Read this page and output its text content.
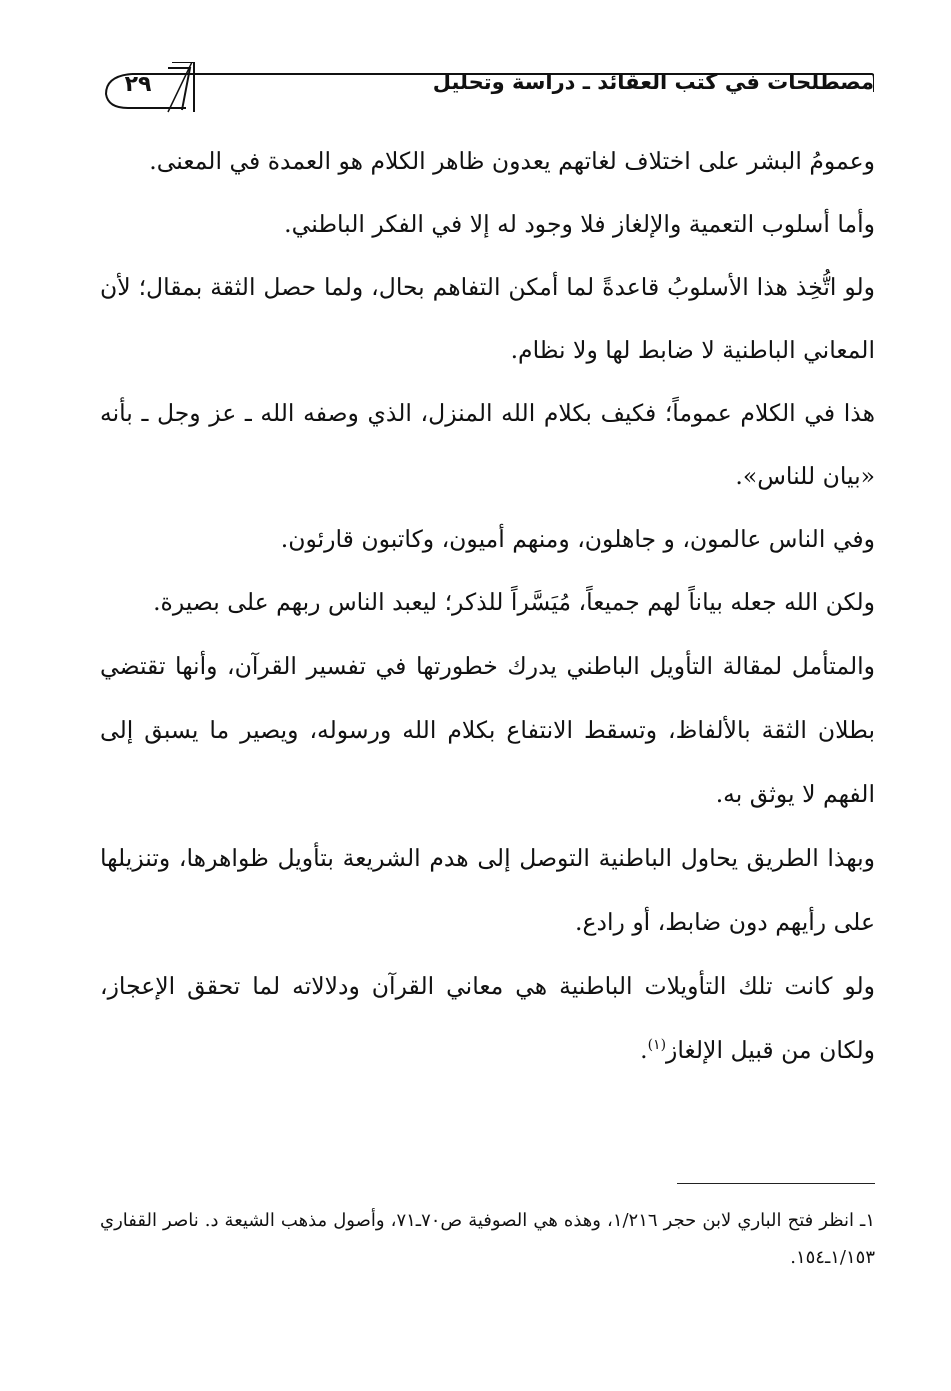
٢٩	مصطلحات في كتب العقائد ـ دراسة وتحليل

وعمومُ البشر على اختلاف لغاتهم يعدون ظاهر الكلام هو العمدة في المعنى.

وأما أسلوب التعمية والإلغاز فلا وجود له إلا في الفكر الباطني.

ولو اتُّخِذ هذا الأسلوبُ قاعدةً لما أمكن التفاهم بحال، ولما حصل الثقة بمقال؛ لأن المعاني الباطنية لا ضابط لها ولا نظام.

هذا في الكلام عموماً؛ فكيف بكلام الله المنزل، الذي وصفه الله ـ عز وجل ـ بأنه «بيان للناس».

وفي الناس عالمون، و جاهلون، ومنهم أميون، وكاتبون قارئون.

ولكن الله جعله بياناً لهم جميعاً، مُيَسَّراً للذكر؛ ليعبد الناس ربهم على بصيرة.

والمتأمل لمقالة التأويل الباطني يدرك خطورتها في تفسير القرآن، وأنها تقتضي بطلان الثقة بالألفاظ، وتسقط الانتفاع بكلام الله ورسوله، ويصير ما يسبق إلى الفهم لا يوثق به.

وبهذا الطريق يحاول الباطنية التوصل إلى هدم الشريعة بتأويل ظواهرها، وتنزيلها على رأيهم دون ضابط، أو رادع.

ولو كانت تلك التأويلات الباطنية هي معاني القرآن ودلالاته لما تحقق الإعجاز، ولكان من قبيل الإلغاز$^{(١)}$.

١ـ انظر فتح الباري لابن حجر ١/٢١٦، وهذه هي الصوفية ص٧٠ـ٧١، وأصول مذهب الشيعة د. ناصر القفاري ١/١٥٣ـ١٥٤.
